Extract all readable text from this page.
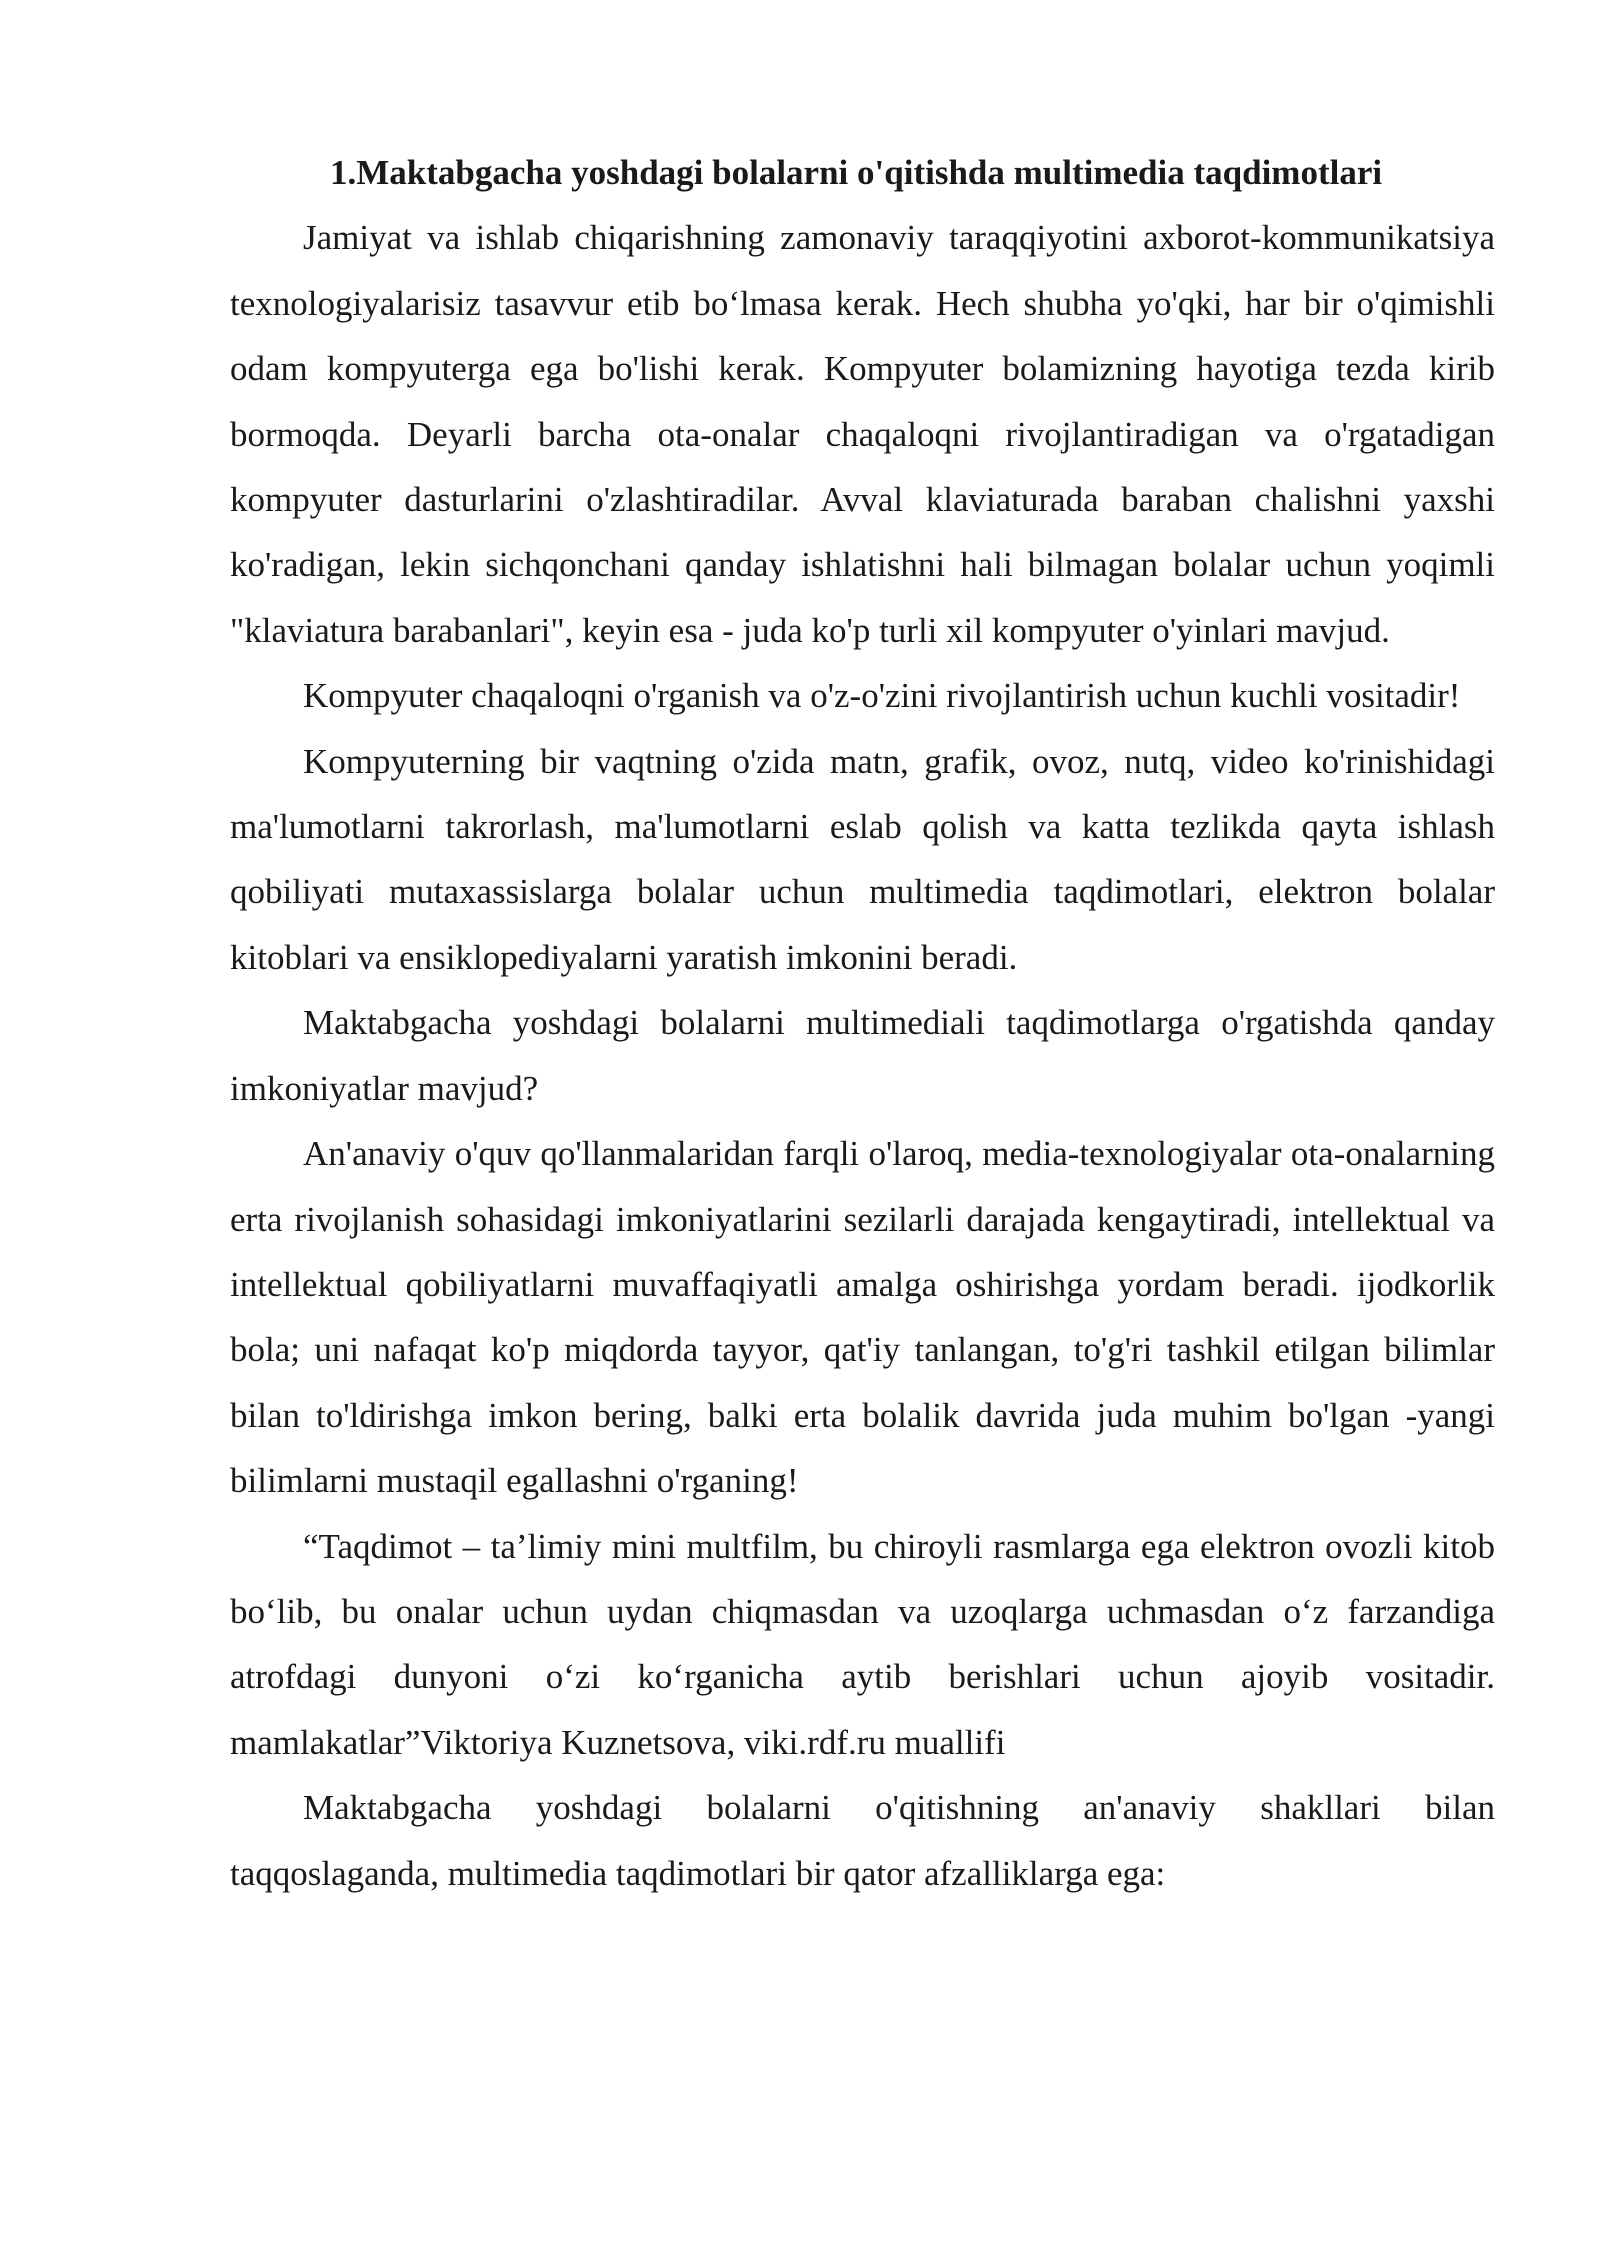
1.Maktabgacha yoshdagi bolalarni o'qitishda multimedia taqdimotlari

Jamiyat va ishlab chiqarishning zamonaviy taraqqiyotini axborot-kommunikatsiya texnologiyalarisiz tasavvur etib boʻlmasa kerak. Hech shubha yo'qki, har bir o'qimishli odam kompyuterga ega bo'lishi kerak. Kompyuter bolamizning hayotiga tezda kirib bormoqda. Deyarli barcha ota-onalar chaqaloqni rivojlantiradigan va o'rgatadigan kompyuter dasturlarini o'zlashtiradilar. Avval klaviaturada baraban chalishni yaxshi ko'radigan, lekin sichqonchani qanday ishlatishni hali bilmagan bolalar uchun yoqimli "klaviatura barabanlari", keyin esa - juda ko'p turli xil kompyuter o'yinlari mavjud.

Kompyuter chaqaloqni o'rganish va o'z-o'zini rivojlantirish uchun kuchli vositadir!

Kompyuterning bir vaqtning o'zida matn, grafik, ovoz, nutq, video ko'rinishidagi ma'lumotlarni takrorlash, ma'lumotlarni eslab qolish va katta tezlikda qayta ishlash qobiliyati mutaxassislarga bolalar uchun multimedia taqdimotlari, elektron bolalar kitoblari va ensiklopediyalarni yaratish imkonini beradi.

Maktabgacha yoshdagi bolalarni multimediali taqdimotlarga o'rgatishda qanday imkoniyatlar mavjud?

An'anaviy o'quv qo'llanmalaridan farqli o'laroq, media-texnologiyalar ota-onalarning erta rivojlanish sohasidagi imkoniyatlarini sezilarli darajada kengaytiradi, intellektual va intellektual qobiliyatlarni muvaffaqiyatli amalga oshirishga yordam beradi. ijodkorlik bola; uni nafaqat ko'p miqdorda tayyor, qat'iy tanlangan, to'g'ri tashkil etilgan bilimlar bilan to'ldirishga imkon bering, balki erta bolalik davrida juda muhim bo'lgan -yangi bilimlarni mustaqil egallashni o'rganing!

“Taqdimot – ta’limiy mini multfilm, bu chiroyli rasmlarga ega elektron ovozli kitob boʻlib, bu onalar uchun uydan chiqmasdan va uzoqlarga uchmasdan oʻz farzandiga atrofdagi dunyoni oʻzi koʻrganicha aytib berishlari uchun ajoyib vositadir. mamlakatlar”Viktoriya Kuznetsova, viki.rdf.ru muallifi

Maktabgacha yoshdagi bolalarni o'qitishning an'anaviy shakllari bilan taqqoslaganda, multimedia taqdimotlari bir qator afzalliklarga ega:
